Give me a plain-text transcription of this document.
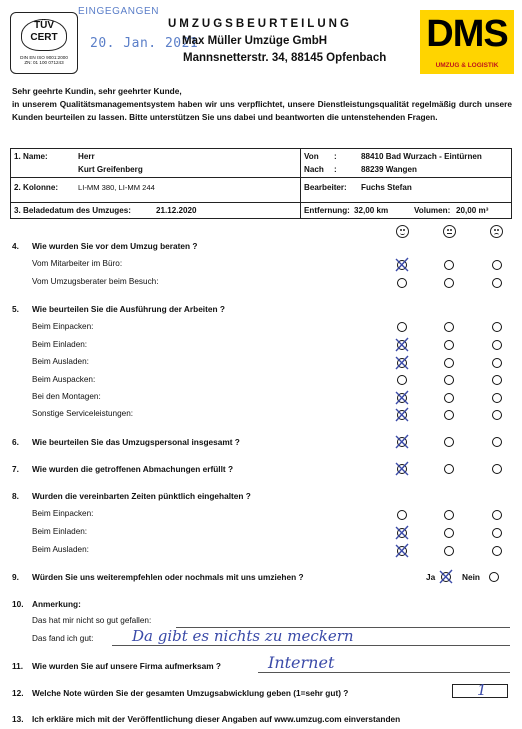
TÜV
CERT
DIN EN ISO 9001:2000
ZN: 01 100 071243
EINGEGANGEN
20. Jan. 2021
UMZUGSBEURTEILUNG
Max Müller Umzüge GmbH
Mannsnetterstr. 34, 88145 Opfenbach
DMS
UMZUG & LOGISTIK
Sehr geehrte Kundin, sehr geehrter Kunde,
in unserem Qualitätsmanagementsystem haben wir uns verpflichtet, unsere Dienstleistungsqualität regelmäßig durch unsere Kunden beurteilen zu lassen. Bitte unterstützen Sie uns dabei und beantworten die untenstehenden Fragen.
1. Name:	Herr
Kurt Greifenberg
Von :	88410 Bad Wurzach - Eintürnen
Nach :	88239 Wangen
2. Kolonne:	LI-MM 380, LI-MM 244	Bearbeiter: Fuchs Stefan
3. Beladedatum des Umzuges:	21.12.2020	Entfernung: 32,00 km	Volumen: 20,00 m³
4. Wie wurden Sie vor dem Umzug beraten ?
Vom Mitarbeiter im Büro:
Vom Umzugsberater beim Besuch:
5. Wie beurteilen Sie die Ausführung der Arbeiten ?
Beim Einpacken:
Beim Einladen:
Beim Ausladen:
Beim Auspacken:
Bei den Montagen:
Sonstige Serviceleistungen:
6. Wie beurteilen Sie das Umzugspersonal insgesamt ?
7. Wie wurden die getroffenen Abmachungen erfüllt ?
8. Wurden die vereinbarten Zeiten pünktlich eingehalten ?
Beim Einpacken:
Beim Einladen:
Beim Ausladen:
9. Würden Sie uns weiterempfehlen oder nochmals mit uns umziehen ?	Ja	Nein
10. Anmerkung:
Das hat mir nicht so gut gefallen:
Das fand ich gut:	Da gibt es nichts zu meckern
11. Wie wurden Sie auf unsere Firma aufmerksam ?	Internet
12. Welche Note würden Sie der gesamten Umzugsabwicklung geben (1=sehr gut) ?	1
13. Ich erkläre mich mit der Veröffentlichung dieser Angaben auf www.umzug.com einverstanden
